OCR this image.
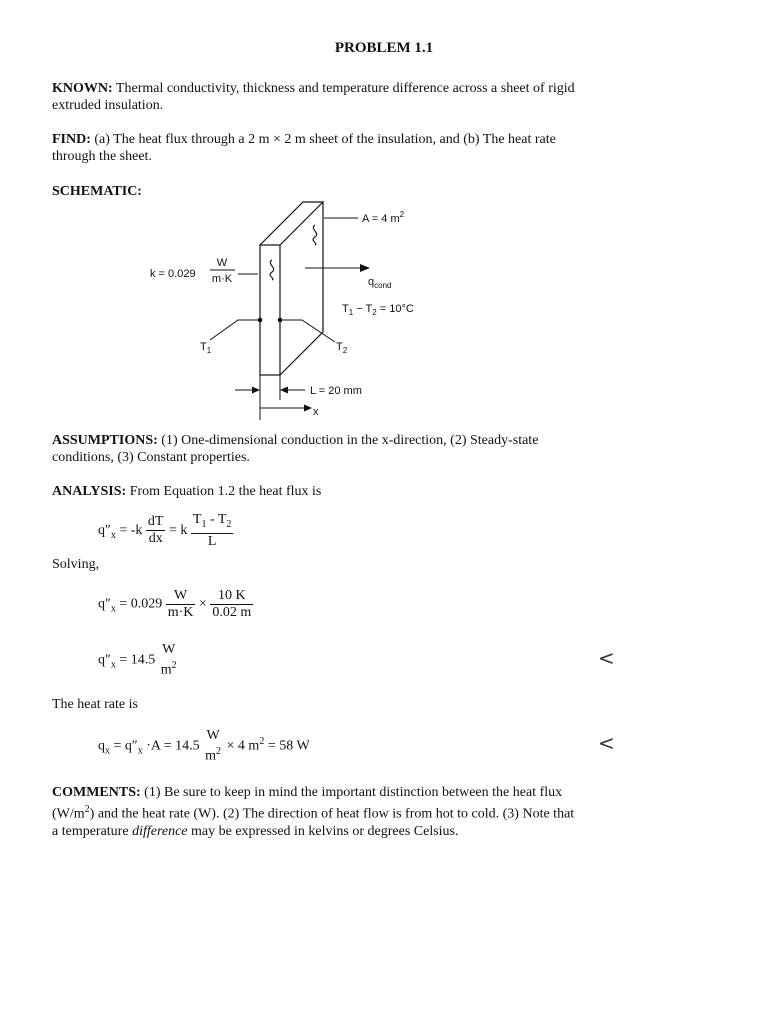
PROBLEM 1.1
KNOWN: Thermal conductivity, thickness and temperature difference across a sheet of rigid
extruded insulation.
FIND: (a) The heat flux through a 2 m × 2 m sheet of the insulation, and (b) The heat rate
through the sheet.
SCHEMATIC:
A = 4 $m^2$
k = 0.029
W
m·K	$q_{cond}$
$T_1 - T_2 = 10^\circ C$
$T_1$	$T_2$
L = 20 mm
x
ASSUMPTIONS: (1) One-dimensional conduction in the x-direction, (2) Steady-state
conditions, (3) Constant properties.
ANALYSIS: From Equation 1.2 the heat flux is
$q''_x = -k \frac{dT}{dx} = k \frac{T_1 - T_2}{L}$
Solving,
$q''_x = 0.029 \frac{W}{m\cdot K} \times \frac{10 K}{0.02 m}$
$q''_x = 14.5$
W
$m^2$	<
The heat rate is
$q_x = q''_x \cdot A = 14.5$
W
$m^2 \times 4$ $m^2 = 58$ W	<
COMMENTS: (1) Be sure to keep in mind the important distinction between the heat flux
$(W/m^2)$ and the heat rate (W). (2) The direction of heat flow is from hot to cold. (3) Note that
a temperature difference may be expressed in kelvins or degrees Celsius.
